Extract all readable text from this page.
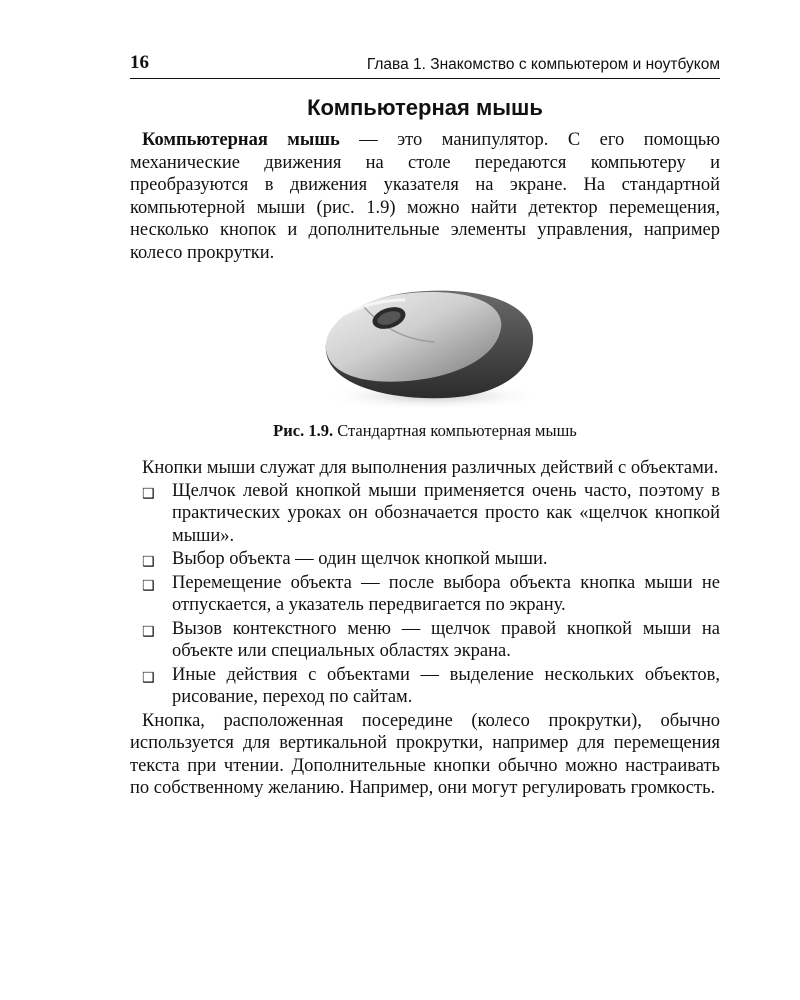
16	Глава 1. Знакомство с компьютером и ноутбуком
Компьютерная мышь

Компьютерная мышь — это манипулятор. С его помощью механические движения на столе передаются компьютеру и преобразуются в движения указателя на экране. На стандартной компьютерной мыши (рис. 1.9) можно найти детектор перемещения, несколько кнопок и дополнительные элементы управления, например колесо прокрутки.

Рис. 1.9. Стандартная компьютерная мышь

Кнопки мыши служат для выполнения различных действий с объектами.

❑ Щелчок левой кнопкой мыши применяется очень часто, поэтому в практических уроках он обозначается просто как «щелчок кнопкой мыши».
❑ Выбор объекта — один щелчок кнопкой мыши.
❑ Перемещение объекта — после выбора объекта кнопка мыши не отпускается, а указатель передвигается по экрану.
❑ Вызов контекстного меню — щелчок правой кнопкой мыши на объекте или специальных областях экрана.
❑ Иные действия с объектами — выделение нескольких объектов, рисование, переход по сайтам.

Кнопка, расположенная посередине (колесо прокрутки), обычно используется для вертикальной прокрутки, например для перемещения текста при чтении. Дополнительные кнопки обычно можно настраивать по собственному желанию. Например, они могут регулировать громкость.
